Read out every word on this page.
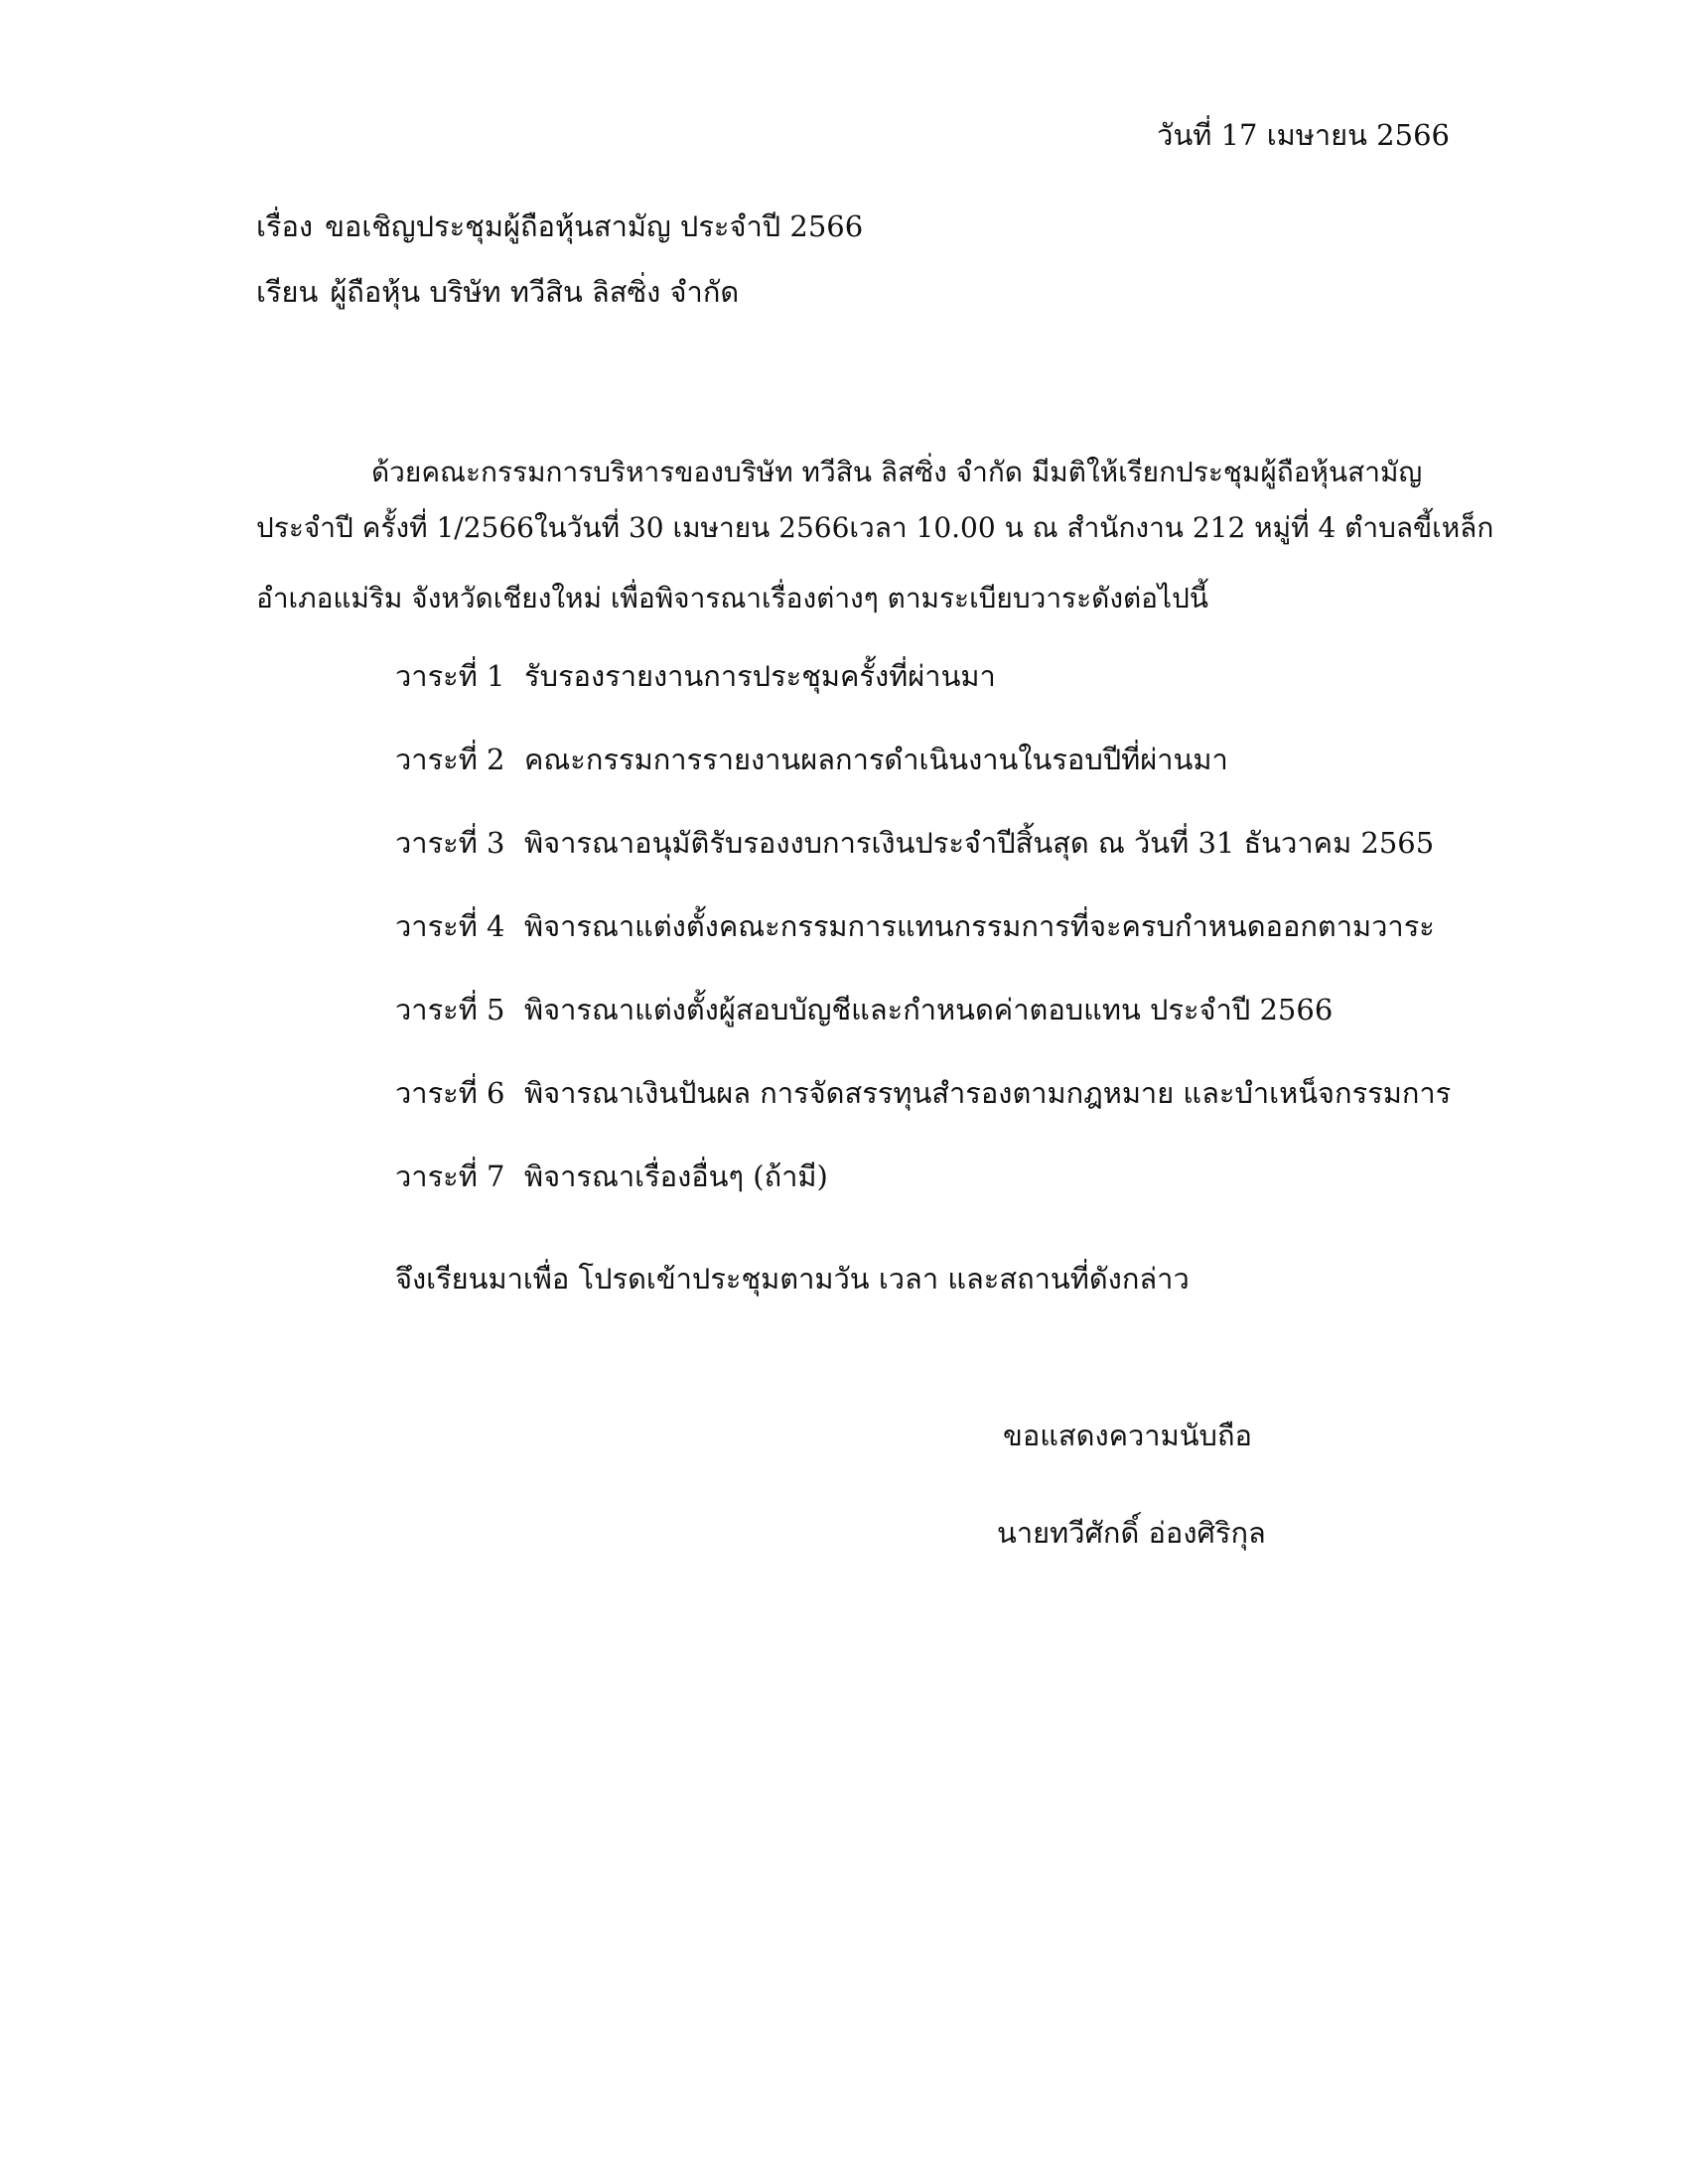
วันที่ 17 เมษายน 2566
เรื่อง ขอเชิญประชุมผู้ถือหุ้นสามัญ ประจำปี 2566
เรียน ผู้ถือหุ้น บริษัท ทวีสิน ลิสซิ่ง จำกัด
ด้วยคณะกรรมการบริหารของบริษัท ทวีสิน ลิสซิ่ง จำกัด มีมติให้เรียกประชุมผู้ถือหุ้นสามัญ
ประจำปี ครั้งที่ 1/2566ในวันที่ 30 เมษายน 2566เวลา 10.00 น ณ สำนักงาน 212 หมู่ที่ 4 ตำบลขี้เหล็ก
อำเภอแม่ริม จังหวัดเชียงใหม่ เพื่อพิจารณาเรื่องต่างๆ ตามระเบียบวาระดังต่อไปนี้
วาระที่ 1 รับรองรายงานการประชุมครั้งที่ผ่านมา
วาระที่ 2 คณะกรรมการรายงานผลการดำเนินงานในรอบปีที่ผ่านมา
วาระที่ 3 พิจารณาอนุมัติรับรองงบการเงินประจำปีสิ้นสุด ณ วันที่ 31 ธันวาคม 2565
วาระที่ 4 พิจารณาแต่งตั้งคณะกรรมการแทนกรรมการที่จะครบกำหนดออกตามวาระ
วาระที่ 5 พิจารณาแต่งตั้งผู้สอบบัญชีและกำหนดค่าตอบแทน ประจำปี 2566
วาระที่ 6 พิจารณาเงินปันผล การจัดสรรทุนสำรองตามกฎหมาย และบำเหน็จกรรมการ
วาระที่ 7 พิจารณาเรื่องอื่นๆ (ถ้ามี)
จึงเรียนมาเพื่อ โปรดเข้าประชุมตามวัน เวลา และสถานที่ดังกล่าว
ขอแสดงความนับถือ
นายทวีศักดิ์ อ่องศิริกุล
